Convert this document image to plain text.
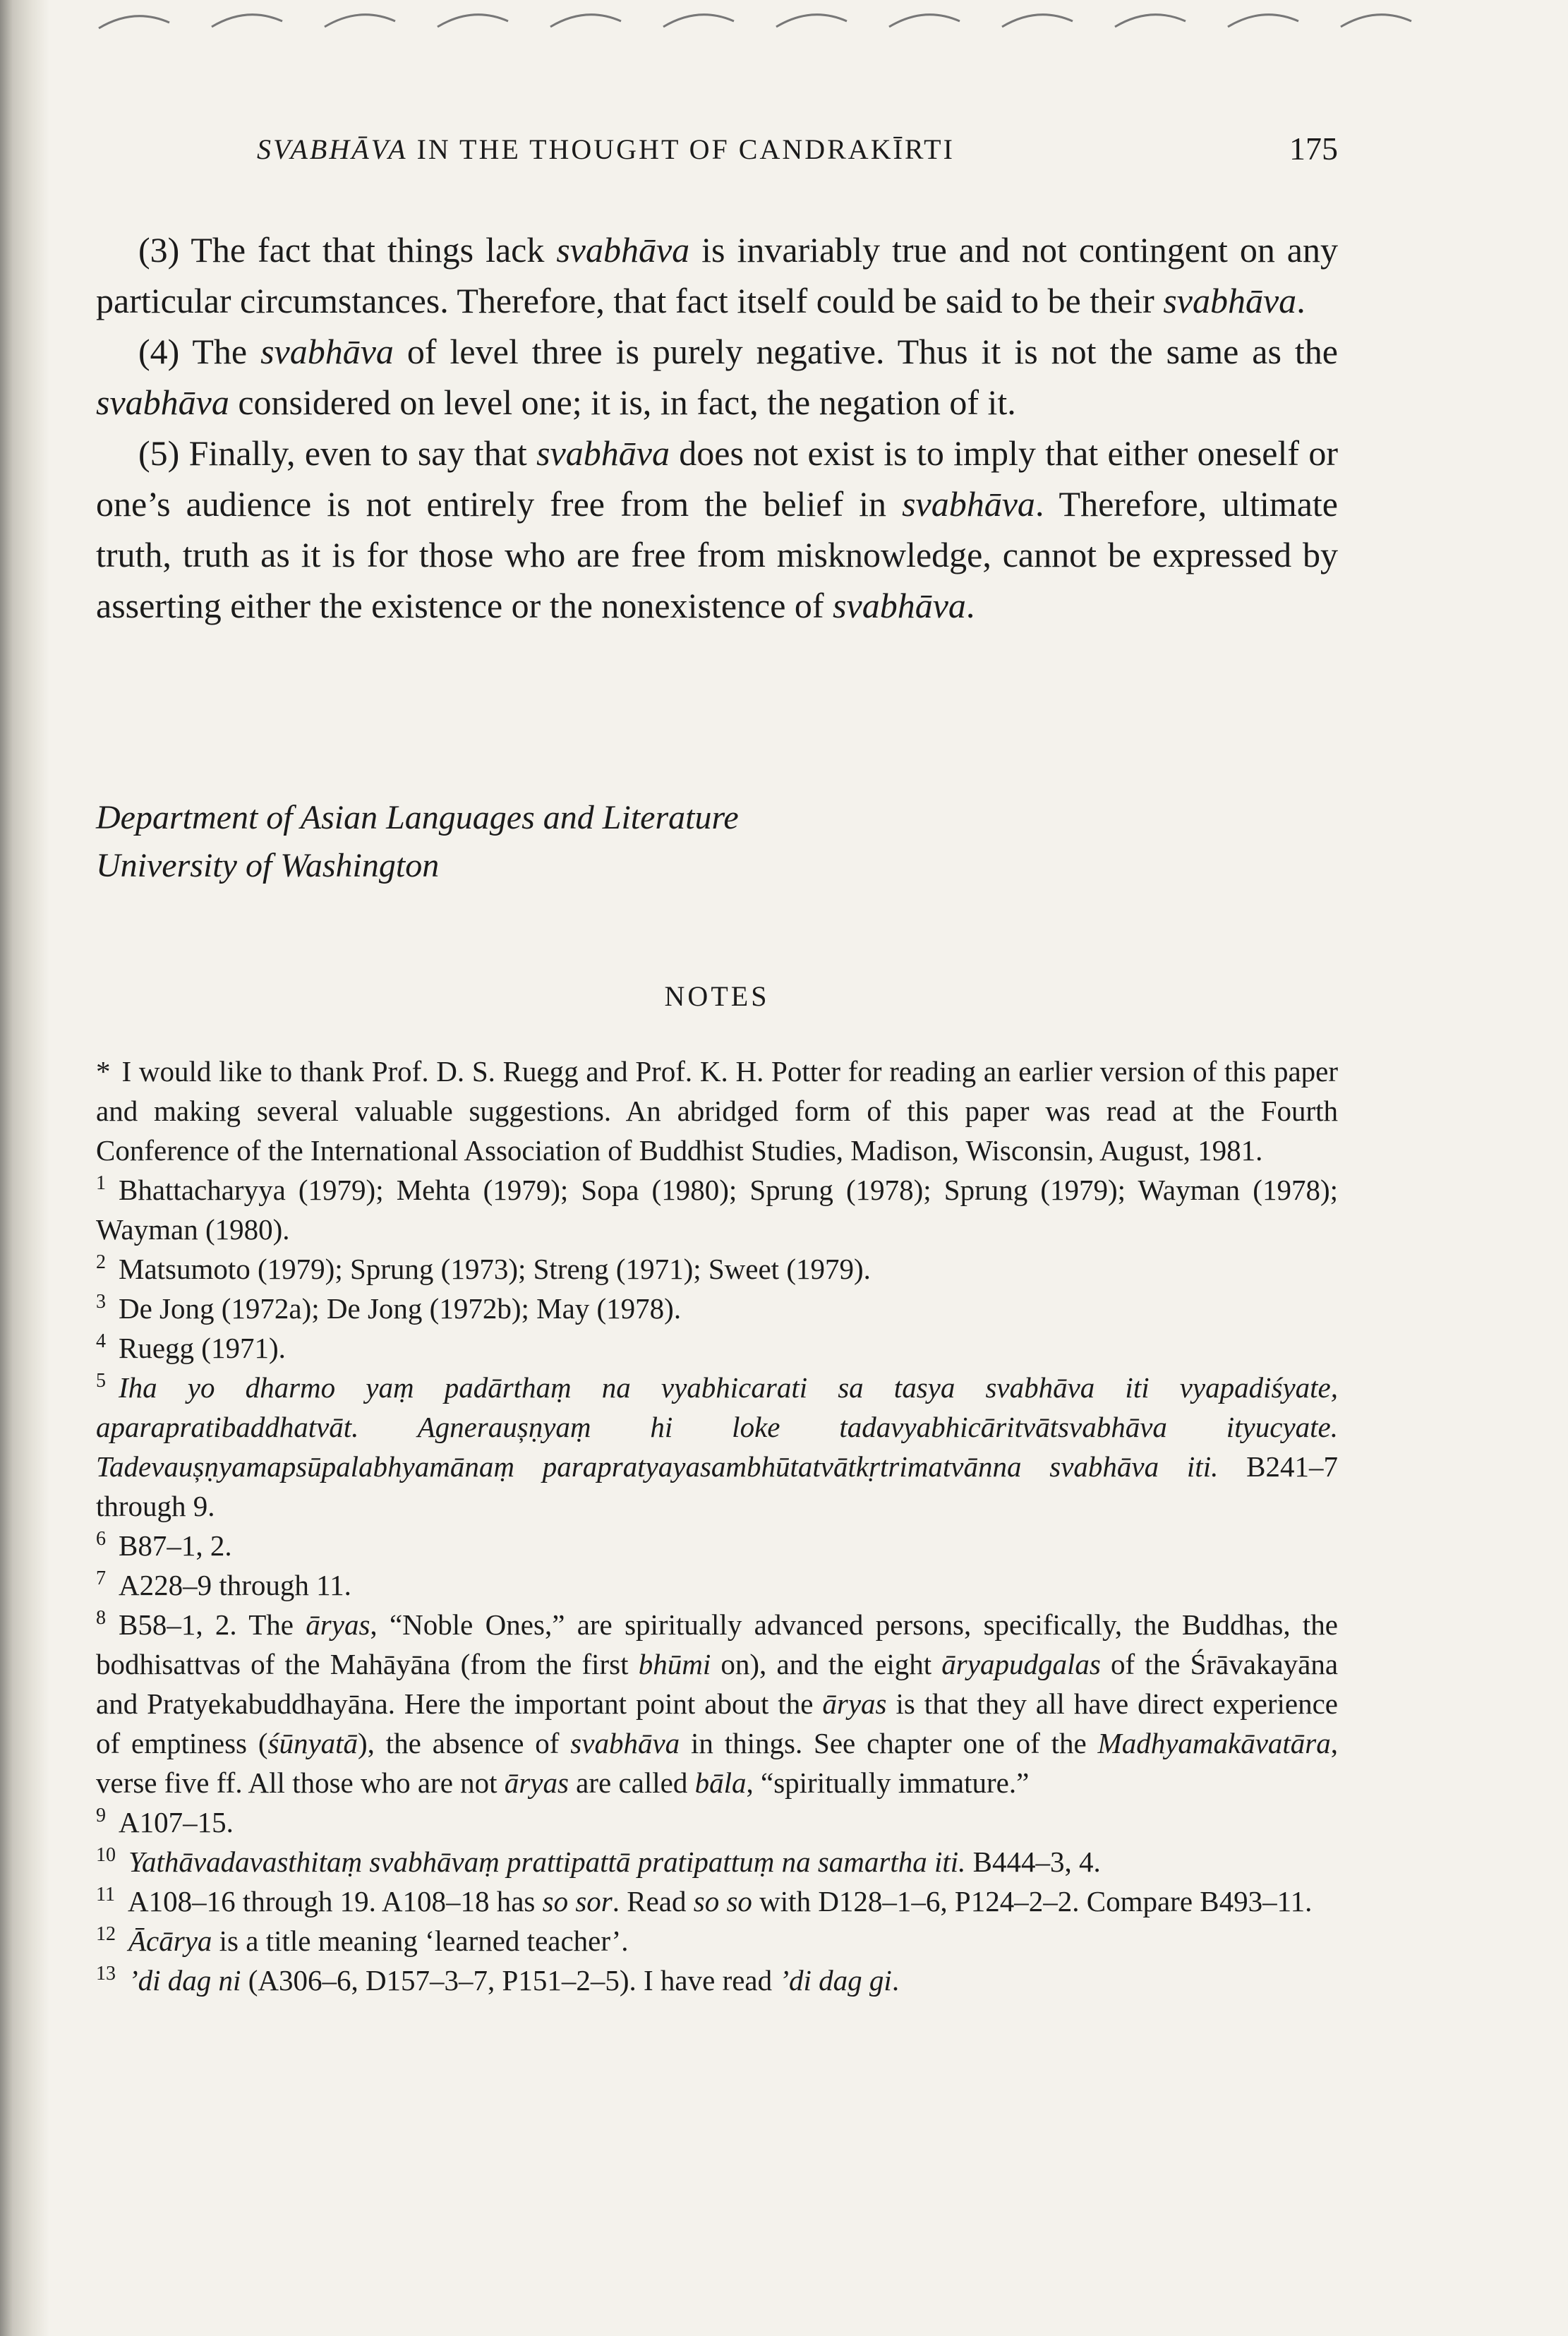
SVABHĀVA IN THE THOUGHT OF CANDRAKĪRTI	175

(3) The fact that things lack svabhāva is invariably true and not contingent on any particular circumstances. Therefore, that fact itself could be said to be their svabhāva.

(4) The svabhāva of level three is purely negative. Thus it is not the same as the svabhāva considered on level one; it is, in fact, the negation of it.

(5) Finally, even to say that svabhāva does not exist is to imply that either oneself or one’s audience is not entirely free from the belief in svabhāva. Therefore, ultimate truth, truth as it is for those who are free from misknowledge, cannot be expressed by asserting either the existence or the nonexistence of svabhāva.

Department of Asian Languages and Literature
University of Washington
NOTES

* I would like to thank Prof. D. S. Ruegg and Prof. K. H. Potter for reading an earlier version of this paper and making several valuable suggestions. An abridged form of this paper was read at the Fourth Conference of the International Association of Buddhist Studies, Madison, Wisconsin, August, 1981.

$^1$ Bhattacharyya (1979); Mehta (1979); Sopa (1980); Sprung (1978); Sprung (1979); Wayman (1978); Wayman (1980).

$^2$ Matsumoto (1979); Sprung (1973); Streng (1971); Sweet (1979).

$^3$ De Jong (1972a); De Jong (1972b); May (1978).

$^4$ Ruegg (1971).

$^5$ Iha yo dharmo yaṃ padārthaṃ na vyabhicarati sa tasya svabhāva iti vyapadiśyate, aparapratibaddhatvāt. Agneraușṇyaṃ hi loke tadavyabhicāritvātsvabhāva ityucyate. Tadevaușṇyamapsūpalabhyamānaṃ parapratyayasambhūtatvātkṛtrimatvānna svabhāva iti. B241–7 through 9.

$^6$ B87–1, 2.

$^7$ A228–9 through 11.

$^8$ B58–1, 2. The āryas, “Noble Ones,” are spiritually advanced persons, specifically, the Buddhas, the bodhisattvas of the Mahāyāna (from the first bhūmi on), and the eight āryapudgalas of the Śrāvakayāna and Pratyekabuddhayāna. Here the important point about the āryas is that they all have direct experience of emptiness (śūnyatā), the absence of svabhāva in things. See chapter one of the Madhyamakāvatāra, verse five ff. All those who are not āryas are called bāla, “spiritually immature.”

$^9$ A107–15.

$^{10}$ Yathāvadavasthitaṃ svabhāvaṃ prattipattā pratipattuṃ na samartha iti. B444–3, 4.

$^{11}$ A108–16 through 19. A108–18 has so sor. Read so so with D128–1–6, P124–2–2. Compare B493–11.

$^{12}$ Ācārya is a title meaning ‘learned teacher’.

$^{13}$ ’di dag ni (A306–6, D157–3–7, P151–2–5). I have read ’di dag gi.
